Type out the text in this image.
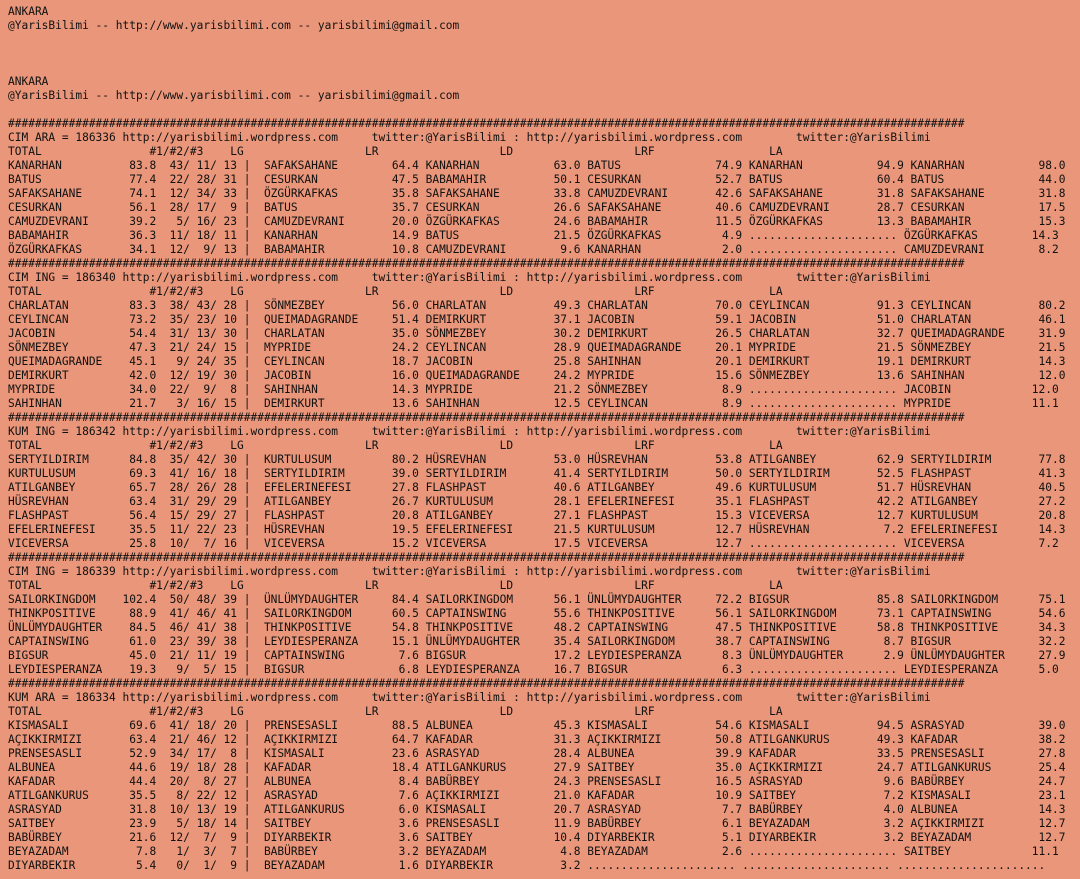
ANKARA
@YarisBilimi -- http://www.yarisbilimi.com -- yarisbilimi@gmail.com
ANKARA
@YarisBilimi -- http://www.yarisbilimi.com -- yarisbilimi@gmail.com
##############################################################################################################################################
CIM ARA = 186336 http://yarisbilimi.wordpress.com     twitter:@YarisBilimi : http://yarisbilimi.wordpress.com        twitter:@YarisBilimi
TOTAL                #1/#2/#3    LG                  LR                  LD                  LRF                 LA
KANARHAN          83.8  43/ 11/ 13 |  SAFAKSAHANE        64.4 KANARHAN           63.0 BATUS              74.9 KANARHAN           94.9 KANARHAN           98.0
BATUS             77.4  22/ 28/ 31 |  CESURKAN           47.5 BABAMAHIR          50.1 CESURKAN           52.7 BATUS              60.4 BATUS              44.0
SAFAKSAHANE       74.1  12/ 34/ 33 |  ÖZGÜRKAFKAS        35.8 SAFAKSAHANE        33.8 CAMUZDEVRANI       42.6 SAFAKSAHANE        31.8 SAFAKSAHANE        31.8
CESURKAN          56.1  28/ 17/  9 |  BATUS              35.7 CESURKAN           26.6 SAFAKSAHANE        40.6 CAMUZDEVRANI       28.7 CESURKAN           17.5
CAMUZDEVRANI      39.2   5/ 16/ 23 |  CAMUZDEVRANI       20.0 ÖZGÜRKAFKAS        24.6 BABAMAHIR          11.5 ÖZGÜRKAFKAS        13.3 BABAMAHIR          15.3
BABAMAHIR         36.3  11/ 18/ 11 |  KANARHAN           14.9 BATUS              21.5 ÖZGÜRKAFKAS         4.9 ...................... ÖZGÜRKAFKAS        14.3
ÖZGÜRKAFKAS       34.1  12/  9/ 13 |  BABAMAHIR          10.8 CAMUZDEVRANI        9.6 KANARHAN            2.0 ...................... CAMUZDEVRANI        8.2
##############################################################################################################################################
CIM ING = 186340 http://yarisbilimi.wordpress.com     twitter:@YarisBilimi : http://yarisbilimi.wordpress.com        twitter:@YarisBilimi
TOTAL                #1/#2/#3    LG                  LR                  LD                  LRF                 LA
CHARLATAN         83.3  38/ 43/ 28 |  SÖNMEZBEY          56.0 CHARLATAN          49.3 CHARLATAN          70.0 CEYLINCAN          91.3 CEYLINCAN          80.2
CEYLINCAN         73.2  35/ 23/ 10 |  QUEIMADAGRANDE     51.4 DEMIRKURT          37.1 JACOBIN            59.1 JACOBIN            51.0 CHARLATAN          46.1
JACOBIN           54.4  31/ 13/ 30 |  CHARLATAN          35.0 SÖNMEZBEY          30.2 DEMIRKURT          26.5 CHARLATAN          32.7 QUEIMADAGRANDE     31.9
SÖNMEZBEY         47.3  21/ 24/ 15 |  MYPRIDE            24.2 CEYLINCAN          28.9 QUEIMADAGRANDE     20.1 MYPRIDE            21.5 SÖNMEZBEY          21.5
QUEIMADAGRANDE    45.1   9/ 24/ 35 |  CEYLINCAN          18.7 JACOBIN            25.8 SAHINHAN           20.1 DEMIRKURT          19.1 DEMIRKURT          14.3
DEMIRKURT         42.0  12/ 19/ 30 |  JACOBIN            16.0 QUEIMADAGRANDE     24.2 MYPRIDE            15.6 SÖNMEZBEY          13.6 SAHINHAN           12.0
MYPRIDE           34.0  22/  9/  8 |  SAHINHAN           14.3 MYPRIDE            21.2 SÖNMEZBEY           8.9 ...................... JACOBIN            12.0
SAHINHAN          21.7   3/ 16/ 15 |  DEMIRKURT          13.6 SAHINHAN           12.5 CEYLINCAN           8.9 ...................... MYPRIDE            11.1
##############################################################################################################################################
KUM ING = 186342 http://yarisbilimi.wordpress.com     twitter:@YarisBilimi : http://yarisbilimi.wordpress.com        twitter:@YarisBilimi
TOTAL                #1/#2/#3    LG                  LR                  LD                  LRF                 LA
SERTYILDIRIM      84.8  35/ 42/ 30 |  KURTULUSUM         80.2 HÜSREVHAN          53.0 HÜSREVHAN          53.8 ATILGANBEY         62.9 SERTYILDIRIM       77.8
KURTULUSUM        69.3  41/ 16/ 18 |  SERTYILDIRIM       39.0 SERTYILDIRIM       41.4 SERTYILDIRIM       50.0 SERTYILDIRIM       52.5 FLASHPAST          41.3
ATILGANBEY        65.7  28/ 26/ 28 |  EFELERINEFESI      27.8 FLASHPAST          40.6 ATILGANBEY         49.6 KURTULUSUM         51.7 HÜSREVHAN          40.5
HÜSREVHAN         63.4  31/ 29/ 29 |  ATILGANBEY         26.7 KURTULUSUM         28.1 EFELERINEFESI      35.1 FLASHPAST          42.2 ATILGANBEY         27.2
FLASHPAST         56.4  15/ 29/ 27 |  FLASHPAST          20.8 ATILGANBEY         27.1 FLASHPAST          15.3 VICEVERSA          12.7 KURTULUSUM         20.8
EFELERINEFESI     35.5  11/ 22/ 23 |  HÜSREVHAN          19.5 EFELERINEFESI      21.5 KURTULUSUM         12.7 HÜSREVHAN           7.2 EFELERINEFESI      14.3
VICEVERSA         25.8  10/  7/ 16 |  VICEVERSA          15.2 VICEVERSA          17.5 VICEVERSA          12.7 ...................... VICEVERSA           7.2
##############################################################################################################################################
CIM ING = 186339 http://yarisbilimi.wordpress.com     twitter:@YarisBilimi : http://yarisbilimi.wordpress.com        twitter:@YarisBilimi
TOTAL                #1/#2/#3    LG                  LR                  LD                  LRF                 LA
SAILORKINGDOM    102.4  50/ 48/ 39 |  ÜNLÜMYDAUGHTER     84.4 SAILORKINGDOM      56.1 ÜNLÜMYDAUGHTER     72.2 BIGSUR             85.8 SAILORKINGDOM      75.1
THINKPOSITIVE     88.9  41/ 46/ 41 |  SAILORKINGDOM      60.5 CAPTAINSWING       55.6 THINKPOSITIVE      56.1 SAILORKINGDOM      73.1 CAPTAINSWING       54.6
ÜNLÜMYDAUGHTER    84.5  46/ 41/ 38 |  THINKPOSITIVE      54.8 THINKPOSITIVE      48.2 CAPTAINSWING       47.5 THINKPOSITIVE      58.8 THINKPOSITIVE      34.3
CAPTAINSWING      61.0  23/ 39/ 38 |  LEYDIESPERANZA     15.1 ÜNLÜMYDAUGHTER     35.4 SAILORKINGDOM      38.7 CAPTAINSWING        8.7 BIGSUR             32.2
BIGSUR            45.0  21/ 11/ 19 |  CAPTAINSWING        7.6 BIGSUR             17.2 LEYDIESPERANZA      8.3 ÜNLÜMYDAUGHTER      2.9 ÜNLÜMYDAUGHTER     27.9
LEYDIESPERANZA    19.3   9/  5/ 15 |  BIGSUR              6.8 LEYDIESPERANZA     16.7 BIGSUR              6.3 ...................... LEYDIESPERANZA      5.0
##############################################################################################################################################
KUM ARA = 186334 http://yarisbilimi.wordpress.com     twitter:@YarisBilimi : http://yarisbilimi.wordpress.com        twitter:@YarisBilimi
TOTAL                #1/#2/#3    LG                  LR                  LD                  LRF                 LA
KISMASALI         69.6  41/ 18/ 20 |  PRENSESASLI        88.5 ALBUNEA            45.3 KISMASALI          54.6 KISMASALI          94.5 ASRASYAD           39.0
AÇIKKIRMIZI       63.4  21/ 46/ 12 |  AÇIKKIRMIZI        64.7 KAFADAR            31.3 AÇIKKIRMIZI        50.8 ATILGANKURUS       49.3 KAFADAR            38.2
PRENSESASLI       52.9  34/ 17/  8 |  KISMASALI          23.6 ASRASYAD           28.4 ALBUNEA            39.9 KAFADAR            33.5 PRENSESASLI        27.8
ALBUNEA           44.6  19/ 18/ 28 |  KAFADAR            18.4 ATILGANKURUS       27.9 SAITBEY            35.0 AÇIKKIRMIZI        24.7 ATILGANKURUS       25.4
KAFADAR           44.4  20/  8/ 27 |  ALBUNEA             8.4 BABÜRBEY           24.3 PRENSESASLI        16.5 ASRASYAD            9.6 BABÜRBEY           24.7
ATILGANKURUS      35.5   8/ 22/ 12 |  ASRASYAD            7.6 AÇIKKIRMIZI        21.0 KAFADAR            10.9 SAITBEY             7.2 KISMASALI          23.1
ASRASYAD          31.8  10/ 13/ 19 |  ATILGANKURUS        6.0 KISMASALI          20.7 ASRASYAD            7.7 BABÜRBEY            4.0 ALBUNEA            14.3
SAITBEY           23.9   5/ 18/ 14 |  SAITBEY             3.6 PRENSESASLI        11.9 BABÜRBEY            6.1 BEYAZADAM           3.2 AÇIKKIRMIZI        12.7
BABÜRBEY          21.6  12/  7/  9 |  DIYARBEKIR          3.6 SAITBEY            10.4 DIYARBEKIR          5.1 DIYARBEKIR          3.2 BEYAZADAM          12.7
BEYAZADAM          7.8   1/  3/  7 |  BABÜRBEY            3.2 BEYAZADAM           4.8 BEYAZADAM           2.6 ...................... SAITBEY            11.1
DIYARBEKIR         5.4   0/  1/  9 |  BEYAZADAM           1.6 DIYARBEKIR          3.2 ...................... ...................... ......................
